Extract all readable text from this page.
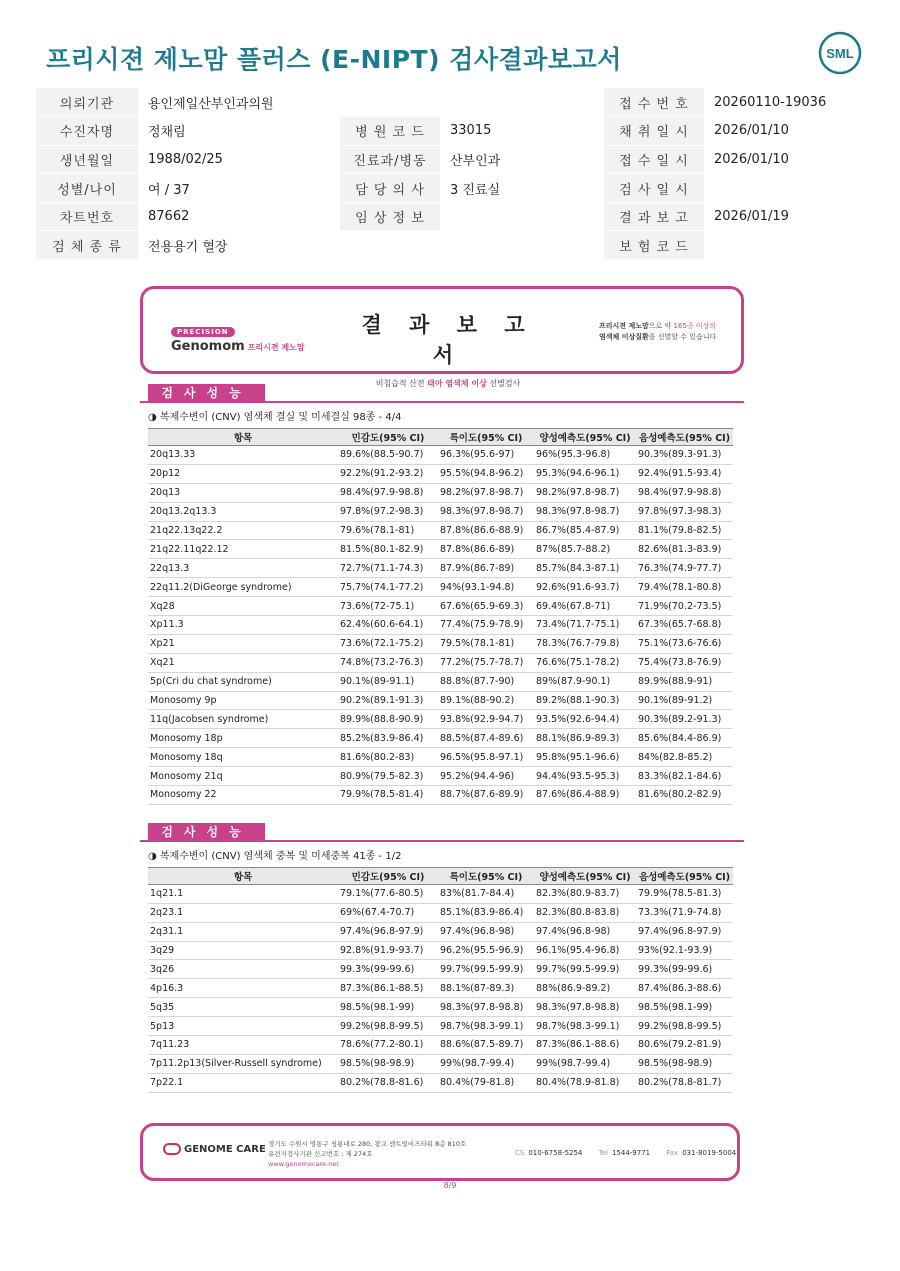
프리시젼 제노맘 플러스 (E-NIPT) 검사결과보고서	SML
의뢰기관	용인제일산부인과의원			접 수 번 호	20260110-19036
수진자명	정채림	병 원 코 드	33015	채 취 일 시	2026/01/10
생년월일	1988/02/25	진료과/병동	산부인과	접 수 일 시	2026/01/10
성별/나이	여 / 37	담 당 의 사	3 진료실	검 사 일 시	
차트번호	87662	임 상 정 보		결 과 보 고	2026/01/19
검 체 종 류	전용용기 혈장			보 험 코 드	
PRECISION
Genomom 프리시젼 제노맘
결 과 보 고 서
비침습적 산전 태아 염색체 이상 선별검사
프리시젼 제노맘으로 약 165종 이상의
염색체 이상질환을 선별할 수 있습니다
검사성능
◑ 복제수변이 (CNV) 염색체 결실 및 미세결실 98종 - 4/4
항목	민감도(95% CI)	특이도(95% CI)	양성예측도(95% CI)	음성예측도(95% CI)
20q13.33	89.6%(88.5-90.7)	96.3%(95.6-97)	96%(95.3-96.8)	90.3%(89.3-91.3)
20p12	92.2%(91.2-93.2)	95.5%(94.8-96.2)	95.3%(94.6-96.1)	92.4%(91.5-93.4)
20q13	98.4%(97.9-98.8)	98.2%(97.8-98.7)	98.2%(97.8-98.7)	98.4%(97.9-98.8)
20q13.2q13.3	97.8%(97.2-98.3)	98.3%(97.8-98.7)	98.3%(97.8-98.7)	97.8%(97.3-98.3)
21q22.13q22.2	79.6%(78.1-81)	87.8%(86.6-88.9)	86.7%(85.4-87.9)	81.1%(79.8-82.5)
21q22.11q22.12	81.5%(80.1-82.9)	87.8%(86.6-89)	87%(85.7-88.2)	82.6%(81.3-83.9)
22q13.3	72.7%(71.1-74.3)	87.9%(86.7-89)	85.7%(84.3-87.1)	76.3%(74.9-77.7)
22q11.2(DiGeorge syndrome)	75.7%(74.1-77.2)	94%(93.1-94.8)	92.6%(91.6-93.7)	79.4%(78.1-80.8)
Xq28	73.6%(72-75.1)	67.6%(65.9-69.3)	69.4%(67.8-71)	71.9%(70.2-73.5)
Xp11.3	62.4%(60.6-64.1)	77.4%(75.9-78.9)	73.4%(71.7-75.1)	67.3%(65.7-68.8)
Xp21	73.6%(72.1-75.2)	79.5%(78.1-81)	78.3%(76.7-79.8)	75.1%(73.6-76.6)
Xq21	74.8%(73.2-76.3)	77.2%(75.7-78.7)	76.6%(75.1-78.2)	75.4%(73.8-76.9)
5p(Cri du chat syndrome)	90.1%(89-91.1)	88.8%(87.7-90)	89%(87.9-90.1)	89.9%(88.9-91)
Monosomy 9p	90.2%(89.1-91.3)	89.1%(88-90.2)	89.2%(88.1-90.3)	90.1%(89-91.2)
11q(Jacobsen syndrome)	89.9%(88.8-90.9)	93.8%(92.9-94.7)	93.5%(92.6-94.4)	90.3%(89.2-91.3)
Monosomy 18p	85.2%(83.9-86.4)	88.5%(87.4-89.6)	88.1%(86.9-89.3)	85.6%(84.4-86.9)
Monosomy 18q	81.6%(80.2-83)	96.5%(95.8-97.1)	95.8%(95.1-96.6)	84%(82.8-85.2)
Monosomy 21q	80.9%(79.5-82.3)	95.2%(94.4-96)	94.4%(93.5-95.3)	83.3%(82.1-84.6)
Monosomy 22	79.9%(78.5-81.4)	88.7%(87.6-89.9)	87.6%(86.4-88.9)	81.6%(80.2-82.9)
검사성능
◑ 복제수변이 (CNV) 염색체 중복 및 미세중복 41종 - 1/2
항목	민감도(95% CI)	특이도(95% CI)	양성예측도(95% CI)	음성예측도(95% CI)
1q21.1	79.1%(77.6-80.5)	83%(81.7-84.4)	82.3%(80.9-83.7)	79.9%(78.5-81.3)
2q23.1	69%(67.4-70.7)	85.1%(83.9-86.4)	82.3%(80.8-83.8)	73.3%(71.9-74.8)
2q31.1	97.4%(96.8-97.9)	97.4%(96.8-98)	97.4%(96.8-98)	97.4%(96.8-97.9)
3q29	92.8%(91.9-93.7)	96.2%(95.5-96.9)	96.1%(95.4-96.8)	93%(92.1-93.9)
3q26	99.3%(99-99.6)	99.7%(99.5-99.9)	99.7%(99.5-99.9)	99.3%(99-99.6)
4p16.3	87.3%(86.1-88.5)	88.1%(87-89.3)	88%(86.9-89.2)	87.4%(86.3-88.6)
5q35	98.5%(98.1-99)	98.3%(97.8-98.8)	98.3%(97.8-98.8)	98.5%(98.1-99)
5p13	99.2%(98.8-99.5)	98.7%(98.3-99.1)	98.7%(98.3-99.1)	99.2%(98.8-99.5)
7q11.23	78.6%(77.2-80.1)	88.6%(87.5-89.7)	87.3%(86.1-88.6)	80.6%(79.2-81.9)
7p11.2p13(Silver-Russell syndrome)	98.5%(98-98.9)	99%(98.7-99.4)	99%(98.7-99.4)	98.5%(98-98.9)
7p22.1	80.2%(78.8-81.6)	80.4%(79-81.8)	80.4%(78.9-81.8)	80.2%(78.8-81.7)
GENOME CARE 경기도 수원시 영통구 청룡대로 280, 광교 센트럴비즈타워 8층 810호
유전자검사기관 신고번호 : 제 274호
www.genomecare.net
CS 010-6758-5254 Tel 1544-9771 Fax 031-8019-5004
8/9
